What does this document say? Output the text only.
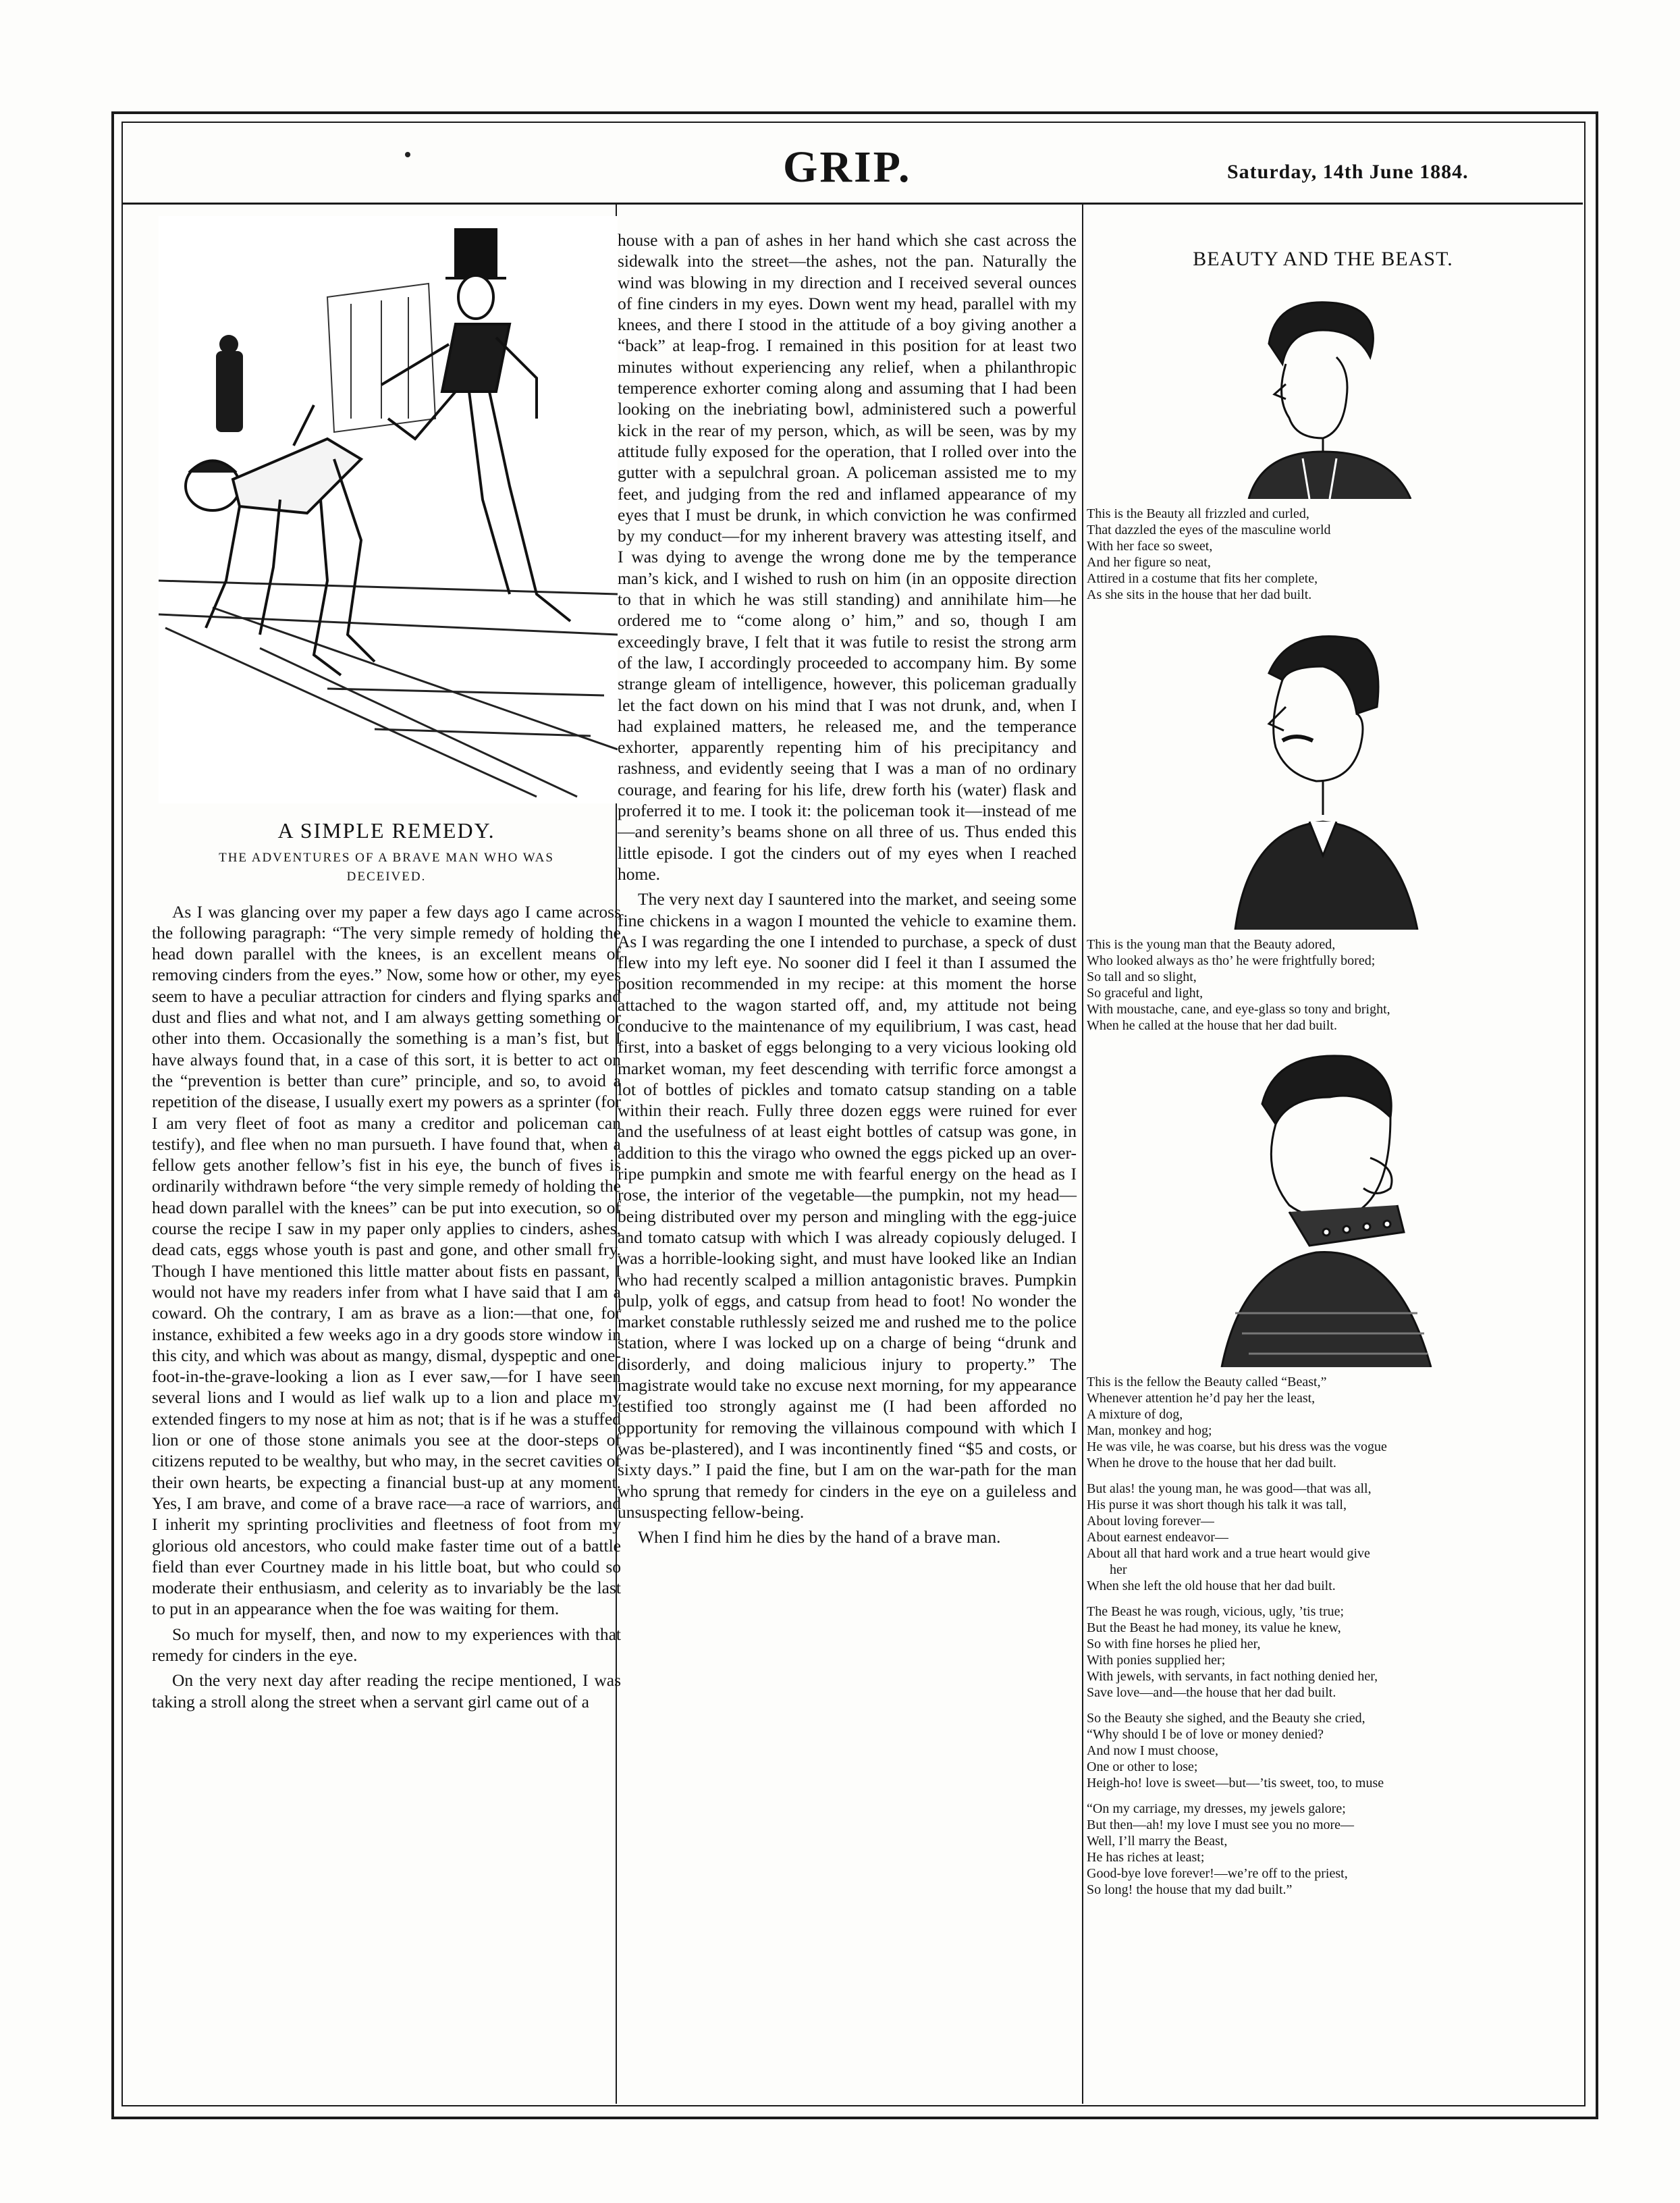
GRIP.	Saturday, 14th June 1884.
A SIMPLE REMEDY.
THE ADVENTURES OF A BRAVE MAN WHO WAS DECEIVED.

As I was glancing over my paper a few days ago I came across the following paragraph: “The very simple remedy of holding the head down parallel with the knees, is an excellent means of removing cinders from the eyes.” Now, some how or other, my eyes seem to have a peculiar attraction for cinders and flying sparks and dust and flies and what not, and I am always getting something or other into them. Occasionally the something is a man’s fist, but I have always found that, in a case of this sort, it is better to act on the “prevention is better than cure” principle, and so, to avoid a repetition of the disease, I usually exert my powers as a sprinter (for I am very fleet of foot as many a creditor and policeman can testify), and flee when no man pursueth. I have found that, when a fellow gets another fellow’s fist in his eye, the bunch of fives is ordinarily withdrawn before “the very simple remedy of holding the head down parallel with the knees” can be put into execution, so of course the recipe I saw in my paper only applies to cinders, ashes, dead cats, eggs whose youth is past and gone, and other small fry. Though I have mentioned this little matter about fists en passant, I would not have my readers infer from what I have said that I am a coward. Oh the contrary, I am as brave as a lion:—that one, for instance, exhibited a few weeks ago in a dry goods store window in this city, and which was about as mangy, dismal, dyspeptic and one-foot-in-the-grave-looking a lion as I ever saw,—for I have seen several lions and I would as lief walk up to a lion and place my extended fingers to my nose at him as not; that is if he was a stuffed lion or one of those stone animals you see at the door-steps of citizens reputed to be wealthy, but who may, in the secret cavities of their own hearts, be expecting a financial bust-up at any moment. Yes, I am brave, and come of a brave race—a race of warriors, and I inherit my sprinting proclivities and fleetness of foot from my glorious old ancestors, who could make faster time out of a battle field than ever Courtney made in his little boat, but who could so moderate their enthusiasm, and celerity as to invariably be the last to put in an appearance when the foe was waiting for them.

So much for myself, then, and now to my experiences with that remedy for cinders in the eye.

On the very next day after reading the recipe mentioned, I was taking a stroll along the street when a servant girl came out of a

house with a pan of ashes in her hand which she cast across the sidewalk into the street—the ashes, not the pan. Naturally the wind was blowing in my direction and I received several ounces of fine cinders in my eyes. Down went my head, parallel with my knees, and there I stood in the attitude of a boy giving another a “back” at leap-frog. I remained in this position for at least two minutes without experiencing any relief, when a philanthropic temperence exhorter coming along and assuming that I had been looking on the inebriating bowl, administered such a powerful kick in the rear of my person, which, as will be seen, was by my attitude fully exposed for the operation, that I rolled over into the gutter with a sepulchral groan. A policeman assisted me to my feet, and judging from the red and inflamed appearance of my eyes that I must be drunk, in which conviction he was confirmed by my conduct—for my inherent bravery was attesting itself, and I was dying to avenge the wrong done me by the temperance man’s kick, and I wished to rush on him (in an opposite direction to that in which he was still standing) and annihilate him—he ordered me to “come along o’ him,” and so, though I am exceedingly brave, I felt that it was futile to resist the strong arm of the law, I accordingly proceeded to accompany him. By some strange gleam of intelligence, however, this policeman gradually let the fact down on his mind that I was not drunk, and, when I had explained matters, he released me, and the temperance exhorter, apparently repenting him of his precipitancy and rashness, and evidently seeing that I was a man of no ordinary courage, and fearing for his life, drew forth his (water) flask and proferred it to me. I took it: the policeman took it—instead of me—and serenity’s beams shone on all three of us. Thus ended this little episode. I got the cinders out of my eyes when I reached home.

The very next day I sauntered into the market, and seeing some fine chickens in a wagon I mounted the vehicle to examine them. As I was regarding the one I intended to purchase, a speck of dust flew into my left eye. No sooner did I feel it than I assumed the position recommended in my recipe: at this moment the horse attached to the wagon started off, and, my attitude not being conducive to the maintenance of my equilibrium, I was cast, head first, into a basket of eggs belonging to a very vicious looking old market woman, my feet descending with terrific force amongst a lot of bottles of pickles and tomato catsup standing on a table within their reach. Fully three dozen eggs were ruined for ever and the usefulness of at least eight bottles of catsup was gone, in addition to this the virago who owned the eggs picked up an over-ripe pumpkin and smote me with fearful energy on the head as I rose, the interior of the vegetable—the pumpkin, not my head—being distributed over my person and mingling with the egg-juice and tomato catsup with which I was already copiously deluged. I was a horrible-looking sight, and must have looked like an Indian who had recently scalped a million antagonistic braves. Pumpkin pulp, yolk of eggs, and catsup from head to foot! No wonder the market constable ruthlessly seized me and rushed me to the police station, where I was locked up on a charge of being “drunk and disorderly, and doing malicious injury to property.” The magistrate would take no excuse next morning, for my appearance testified too strongly against me (I had been afforded no opportunity for removing the villainous compound with which I was be-plastered), and I was incontinently fined “$5 and costs, or sixty days.” I paid the fine, but I am on the war-path for the man who sprung that remedy for cinders in the eye on a guileless and unsuspecting fellow-being.

When I find him he dies by the hand of a brave man.

BEAUTY AND THE BEAST.
This is the Beauty all frizzled and curled,
That dazzled the eyes of the masculine world
With her face so sweet,
And her figure so neat,
Attired in a costume that fits her complete,
As she sits in the house that her dad built.
This is the young man that the Beauty adored,
Who looked always as tho’ he were frightfully bored;
So tall and so slight,
So graceful and light,
With moustache, cane, and eye-glass so tony and bright,
When he called at the house that her dad built.
This is the fellow the Beauty called “Beast,”
Whenever attention he’d pay her the least,
A mixture of dog,
Man, monkey and hog;
He was vile, he was coarse, but his dress was the vogue
When he drove to the house that her dad built.
But alas! the young man, he was good—that was all,
His purse it was short though his talk it was tall,
About loving forever—
About earnest endeavor—
About all that hard work and a true heart would give
her
When she left the old house that her dad built.
The Beast he was rough, vicious, ugly, ’tis true;
But the Beast he had money, its value he knew,
So with fine horses he plied her,
With ponies supplied her;
With jewels, with servants, in fact nothing denied her,
Save love—and—the house that her dad built.
So the Beauty she sighed, and the Beauty she cried,
“Why should I be of love or money denied?
And now I must choose,
One or other to lose;
Heigh-ho! love is sweet—but—’tis sweet, too, to muse
“On my carriage, my dresses, my jewels galore;
But then—ah! my love I must see you no more—
Well, I’ll marry the Beast,
He has riches at least;
Good-bye love forever!—we’re off to the priest,
So long! the house that my dad built.”
